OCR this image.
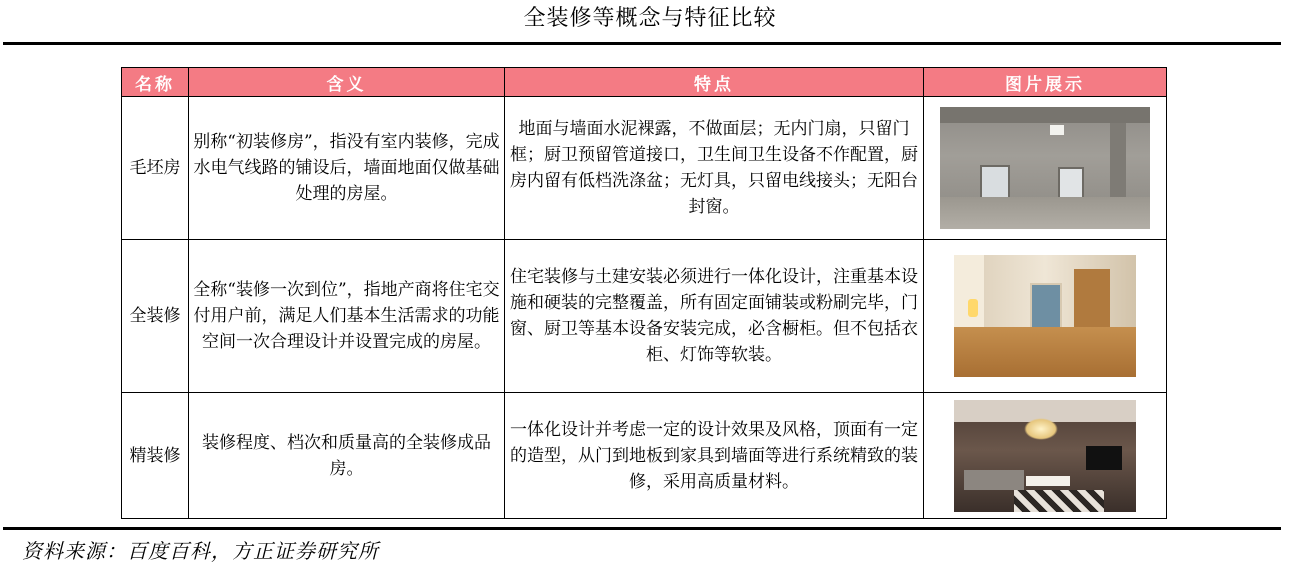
全装修等概念与特征比较
名称	含义	特点	图片展示
毛坯房	别称“初装修房”，指没有室内装修，完成水电气线路的铺设后，墙面地面仅做基础处理的房屋。	地面与墙面水泥裸露，不做面层；无内门扇，只留门框；厨卫预留管道接口，卫生间卫生设备不作配置，厨房内留有低档洗涤盆；无灯具，只留电线接头；无阳台封窗。	

全装修	全称“装修一次到位”，指地产商将住宅交付用户前，满足人们基本生活需求的功能空间一次合理设计并设置完成的房屋。	住宅装修与土建安装必须进行一体化设计，注重基本设施和硬装的完整覆盖，所有固定面铺装或粉刷完毕，门窗、厨卫等基本设备安装完成，必含橱柜。但不包括衣柜、灯饰等软装。	

精装修	装修程度、档次和质量高的全装修成品房。	一体化设计并考虑一定的设计效果及风格，顶面有一定的造型，从门到地板到家具到墙面等进行系统精致的装修，采用高质量材料。	
资料来源：百度百科，方正证券研究所
